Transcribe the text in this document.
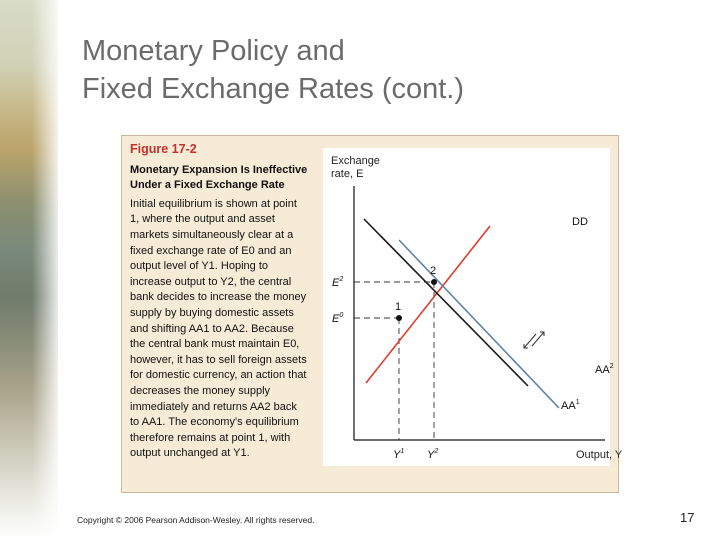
Monetary Policy and
Fixed Exchange Rates (cont.)
Figure 17-2
Monetary Expansion Is Ineffective Under a Fixed Exchange Rate
Initial equilibrium is shown at point 1, where the output and asset markets simultaneously clear at a fixed exchange rate of E0 and an output level of Y1. Hoping to increase output to Y2, the central bank decides to increase the money supply by buying domestic assets and shifting AA1 to AA2. Because the central bank must maintain E0, however, it has to sell foreign assets for domestic currency, an action that decreases the money supply immediately and returns AA2 back to AA1. The economy's equilibrium therefore remains at point 1, with output unchanged at Y1.
Exchange
rate, E
Output, Y
1
2
DD
$AA^2$
$AA^1$
$E^2$
$E^0$
$Y^1$ $Y^2$
Copyright © 2006 Pearson Addison-Wesley. All rights reserved.	17
